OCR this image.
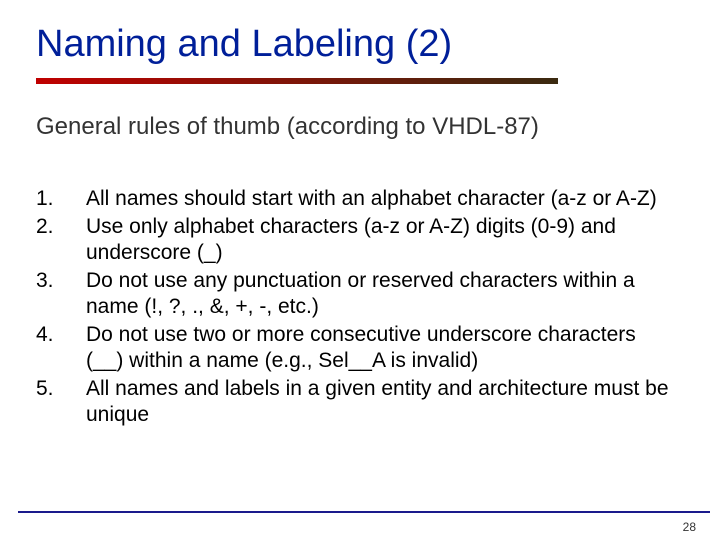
Naming and Labeling (2)
General rules of thumb (according to VHDL-87)
1.	All names should start with an alphabet character (a-z or A-Z)
2.	Use only alphabet characters (a-z or A-Z) digits (0-9) and underscore (_)
3.	Do not use any punctuation or reserved characters within a name (!, ?, ., &, +, -, etc.)
4.	Do not use two or more consecutive underscore characters (__) within a name (e.g., Sel__A is invalid)
5.	All names and labels in a given entity and architecture must be unique
28
